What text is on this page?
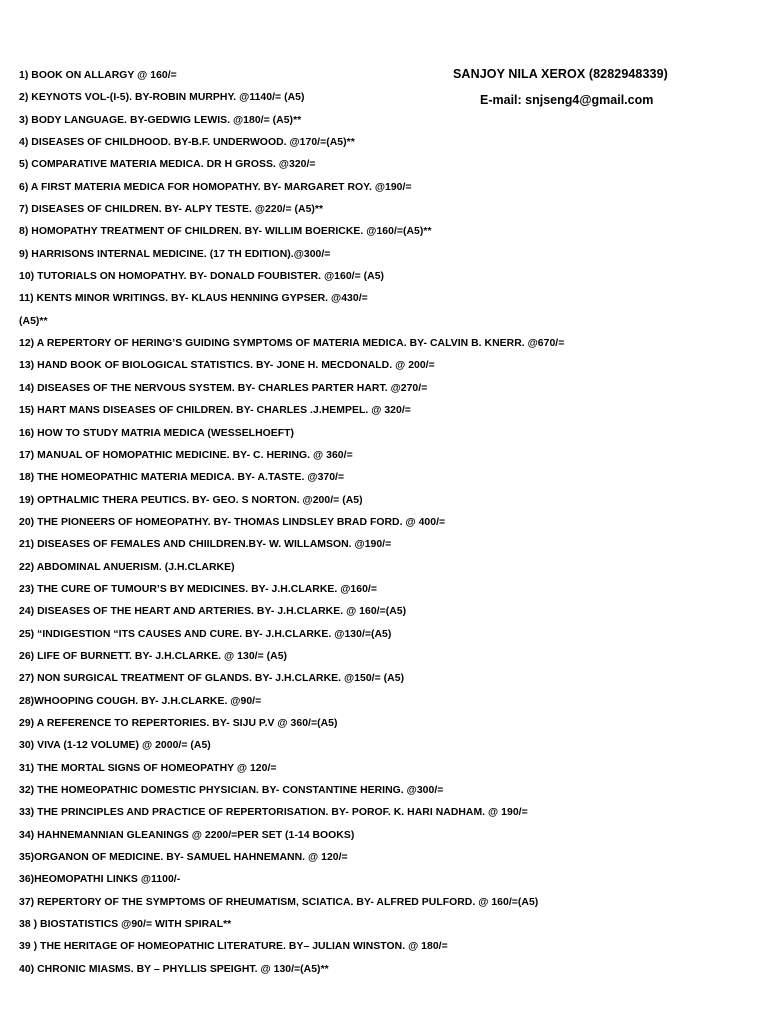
SANJOY NILA XEROX (8282948339)
E-mail: snjseng4@gmail.com
1) BOOK ON ALLARGY @ 160/=
2) KEYNOTS VOL-(I-5). BY-ROBIN MURPHY. @1140/= (A5)
3) BODY LANGUAGE. BY-GEDWIG LEWIS. @180/= (A5)**
4) DISEASES OF CHILDHOOD. BY-B.F. UNDERWOOD. @170/=(A5)**
5) COMPARATIVE MATERIA MEDICA. DR H GROSS. @320/=
6) A FIRST MATERIA MEDICA FOR HOMOPATHY. BY- MARGARET ROY. @190/=
7) DISEASES OF CHILDREN. BY- ALPY TESTE. @220/= (A5)**
8) HOMOPATHY TREATMENT OF CHILDREN. BY- WILLIM BOERICKE. @160/=(A5)**
9) HARRISONS INTERNAL MEDICINE. (17 TH EDITION).@300/=
10) TUTORIALS ON HOMOPATHY. BY- DONALD FOUBISTER. @160/= (A5)
11) KENTS MINOR WRITINGS. BY- KLAUS HENNING GYPSER. @430/=
(A5)**
12) A REPERTORY OF HERING’S GUIDING SYMPTOMS OF MATERIA MEDICA. BY- CALVIN B. KNERR. @670/=
13) HAND BOOK OF BIOLOGICAL STATISTICS. BY- JONE H. MECDONALD. @ 200/=
14) DISEASES OF THE NERVOUS SYSTEM. BY- CHARLES PARTER HART. @270/=
15) HART MANS DISEASES OF CHILDREN. BY- CHARLES .J.HEMPEL. @ 320/=
16) HOW TO STUDY MATRIA MEDICA (WESSELHOEFT)
17) MANUAL OF HOMOPATHIC MEDICINE. BY- C. HERING. @ 360/=
18) THE HOMEOPATHIC MATERIA MEDICA. BY- A.TASTE. @370/=
19) OPTHALMIC THERA PEUTICS. BY- GEO. S NORTON. @200/= (A5)
20) THE PIONEERS OF HOMEOPATHY. BY- THOMAS LINDSLEY BRAD FORD. @ 400/=
21) DISEASES OF FEMALES AND CHIILDREN.BY- W. WILLAMSON. @190/=
22) ABDOMINAL ANUERISM. (J.H.CLARKE)
23) THE CURE OF TUMOUR’S BY MEDICINES. BY- J.H.CLARKE. @160/=
24) DISEASES OF THE HEART AND ARTERIES. BY- J.H.CLARKE. @ 160/=(A5)
25) “INDIGESTION “ITS CAUSES AND CURE. BY- J.H.CLARKE. @130/=(A5)
26) LIFE OF BURNETT. BY- J.H.CLARKE. @ 130/= (A5)
27) NON SURGICAL TREATMENT OF GLANDS. BY- J.H.CLARKE. @150/= (A5)
28)WHOOPING COUGH. BY- J.H.CLARKE. @90/=
29) A REFERENCE TO REPERTORIES. BY- SIJU P.V @ 360/=(A5)
30) VIVA (1-12 VOLUME) @ 2000/= (A5)
31) THE MORTAL SIGNS OF HOMEOPATHY @ 120/=
32) THE HOMEOPATHIC DOMESTIC PHYSICIAN. BY- CONSTANTINE HERING. @300/=
33) THE PRINCIPLES AND PRACTICE OF REPERTORISATION. BY- POROF. K. HARI NADHAM. @ 190/=
34) HAHNEMANNIAN GLEANINGS @ 2200/=PER SET (1-14 BOOKS)
35)ORGANON OF MEDICINE. BY- SAMUEL HAHNEMANN. @ 120/=
36)HEOMOPATHI LINKS @1100/-
37) REPERTORY OF THE SYMPTOMS OF RHEUMATISM, SCIATICA. BY- ALFRED PULFORD. @ 160/=(A5)
38 ) BIOSTATISTICS @90/= WITH SPIRAL**
39 ) THE HERITAGE OF HOMEOPATHIC LITERATURE. BY– JULIAN WINSTON. @ 180/=
40) CHRONIC MIASMS. BY – PHYLLIS SPEIGHT. @ 130/=(A5)**
